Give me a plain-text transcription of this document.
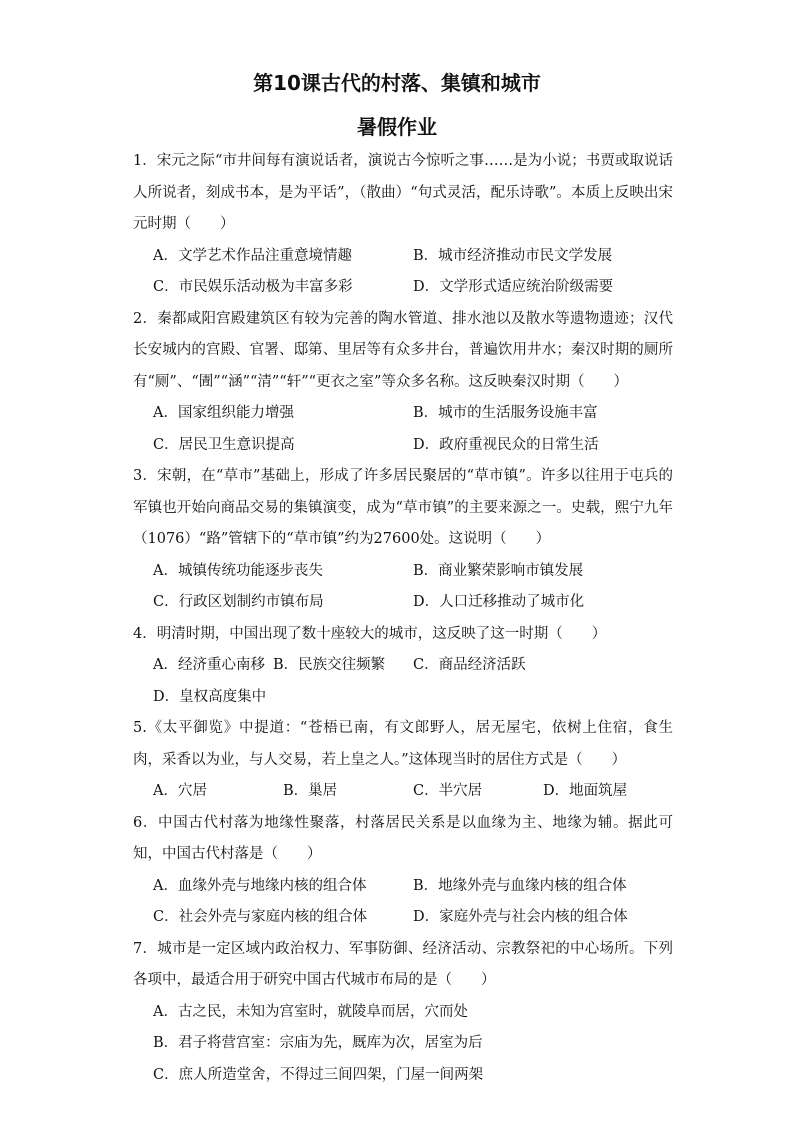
第10课古代的村落、集镇和城市
暑假作业

1．宋元之际“市井间每有演说话者，演说古今惊听之事……是为小说；书贾或取说话人所说者，刻成书本，是为平话”，（散曲）“句式灵活，配乐诗歌”。本质上反映出宋元时期（　　）

A．文学艺术作品注重意境情趣	B．城市经济推动市民文学发展
C．市民娱乐活动极为丰富多彩	D．文学形式适应统治阶级需要

2．秦都咸阳宫殿建筑区有较为完善的陶水管道、排水池以及散水等遗物遗迹；汉代长安城内的宫殿、官署、邸第、里居等有众多井台，普遍饮用井水；秦汉时期的厕所有“厕”、“圊”“涵”“清”“轩”“更衣之室”等众多名称。这反映秦汉时期（　　）

A．国家组织能力增强	B．城市的生活服务设施丰富
C．居民卫生意识提高	D．政府重视民众的日常生活

3．宋朝，在“草市”基础上，形成了许多居民聚居的“草市镇”。许多以往用于屯兵的军镇也开始向商品交易的集镇演变，成为“草市镇”的主要来源之一。史载，熙宁九年（1076）“路”管辖下的“草市镇”约为27600处。这说明（　　）

A．城镇传统功能逐步丧失	B．商业繁荣影响市镇发展
C．行政区划制约市镇布局	D．人口迁移推动了城市化

4．明清时期，中国出现了数十座较大的城市，这反映了这一时期（　　）

A．经济重心南移 B．民族交往频繁	C．商品经济活跃
D．皇权高度集中

5.《太平御览》中提道：“苍梧已南，有文郎野人，居无屋宅，依树上住宿，食生肉，采香以为业，与人交易，若上皇之人。”这体现当时的居住方式是（　　）

A．穴居	B．巢居	C．半穴居	D．地面筑屋

6．中国古代村落为地缘性聚落，村落居民关系是以血缘为主、地缘为辅。据此可知，中国古代村落是（　　）

A．血缘外壳与地缘内核的组合体	B．地缘外壳与血缘内核的组合体
C．社会外壳与家庭内核的组合体	D．家庭外壳与社会内核的组合体

7．城市是一定区域内政治权力、军事防御、经济活动、宗教祭祀的中心场所。下列各项中，最适合用于研究中国古代城市布局的是（　　）

A．古之民，未知为宫室时，就陵阜而居，穴而处
B．君子将营宫室：宗庙为先，厩库为次，居室为后
C．庶人所造堂舍，不得过三间四架，门屋一间两架
